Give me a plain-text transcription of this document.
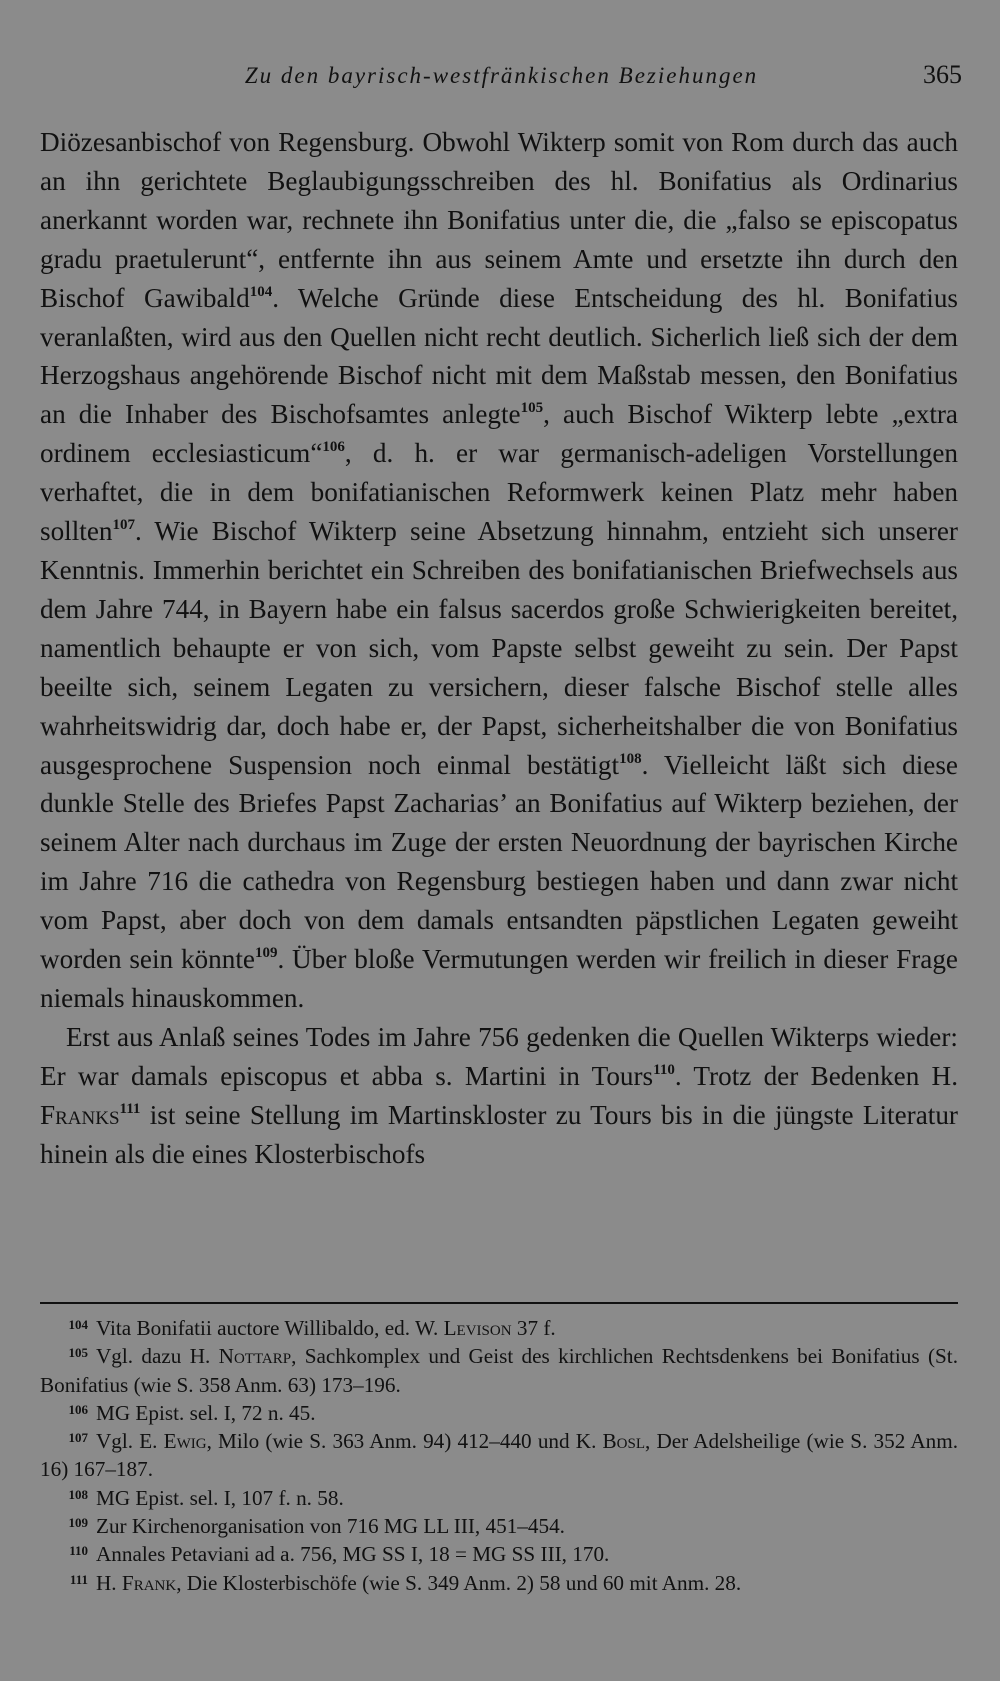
Zu den bayrisch-westfränkischen Beziehungen	365

Diözesanbischof von Regensburg. Obwohl Wikterp somit von Rom durch das auch an ihn gerichtete Beglaubigungsschreiben des hl. Bonifatius als Ordinarius anerkannt worden war, rechnete ihn Bonifatius unter die, die „falso se episcopatus gradu praetulerunt“, entfernte ihn aus seinem Amte und ersetzte ihn durch den Bischof Gawibald$^{104}$. Welche Gründe diese Entscheidung des hl. Bonifatius veranlaßten, wird aus den Quellen nicht recht deutlich. Sicherlich ließ sich der dem Herzogshaus angehörende Bischof nicht mit dem Maßstab messen, den Bonifatius an die Inhaber des Bischofsamtes anlegte$^{105}$, auch Bischof Wikterp lebte „extra ordinem ecclesiasticum“$^{106}$, d. h. er war germanisch-adeligen Vorstellungen verhaftet, die in dem bonifatianischen Reformwerk keinen Platz mehr haben sollten$^{107}$. Wie Bischof Wikterp seine Absetzung hinnahm, entzieht sich unserer Kenntnis. Immerhin berichtet ein Schreiben des bonifatianischen Briefwechsels aus dem Jahre 744, in Bayern habe ein falsus sacerdos große Schwierigkeiten bereitet, namentlich behaupte er von sich, vom Papste selbst geweiht zu sein. Der Papst beeilte sich, seinem Legaten zu versichern, dieser falsche Bischof stelle alles wahrheitswidrig dar, doch habe er, der Papst, sicherheitshalber die von Bonifatius ausgesprochene Suspension noch einmal bestätigt$^{108}$. Vielleicht läßt sich diese dunkle Stelle des Briefes Papst Zacharias’ an Bonifatius auf Wikterp beziehen, der seinem Alter nach durchaus im Zuge der ersten Neuordnung der bayrischen Kirche im Jahre 716 die cathedra von Regensburg bestiegen haben und dann zwar nicht vom Papst, aber doch von dem damals entsandten päpstlichen Legaten geweiht worden sein könnte$^{109}$. Über bloße Vermutungen werden wir freilich in dieser Frage niemals hinauskommen.

Erst aus Anlaß seines Todes im Jahre 756 gedenken die Quellen Wikterps wieder: Er war damals episcopus et abba s. Martini in Tours$^{110}$. Trotz der Bedenken H. Franks$^{111}$ ist seine Stellung im Martinskloster zu Tours bis in die jüngste Literatur hinein als die eines Klosterbischofs

104 Vita Bonifatii auctore Willibaldo, ed. W. Levison 37 f.
105 Vgl. dazu H. Nottarp, Sachkomplex und Geist des kirchlichen Rechtsdenkens bei Bonifatius (St. Bonifatius (wie S. 358 Anm. 63) 173–196.
106 MG Epist. sel. I, 72 n. 45.
107 Vgl. E. Ewig, Milo (wie S. 363 Anm. 94) 412–440 und K. Bosl, Der Adelsheilige (wie S. 352 Anm. 16) 167–187.
108 MG Epist. sel. I, 107 f. n. 58.
109 Zur Kirchenorganisation von 716 MG LL III, 451–454.
110 Annales Petaviani ad a. 756, MG SS I, 18 = MG SS III, 170.
111 H. Frank, Die Klosterbischöfe (wie S. 349 Anm. 2) 58 und 60 mit Anm. 28.
